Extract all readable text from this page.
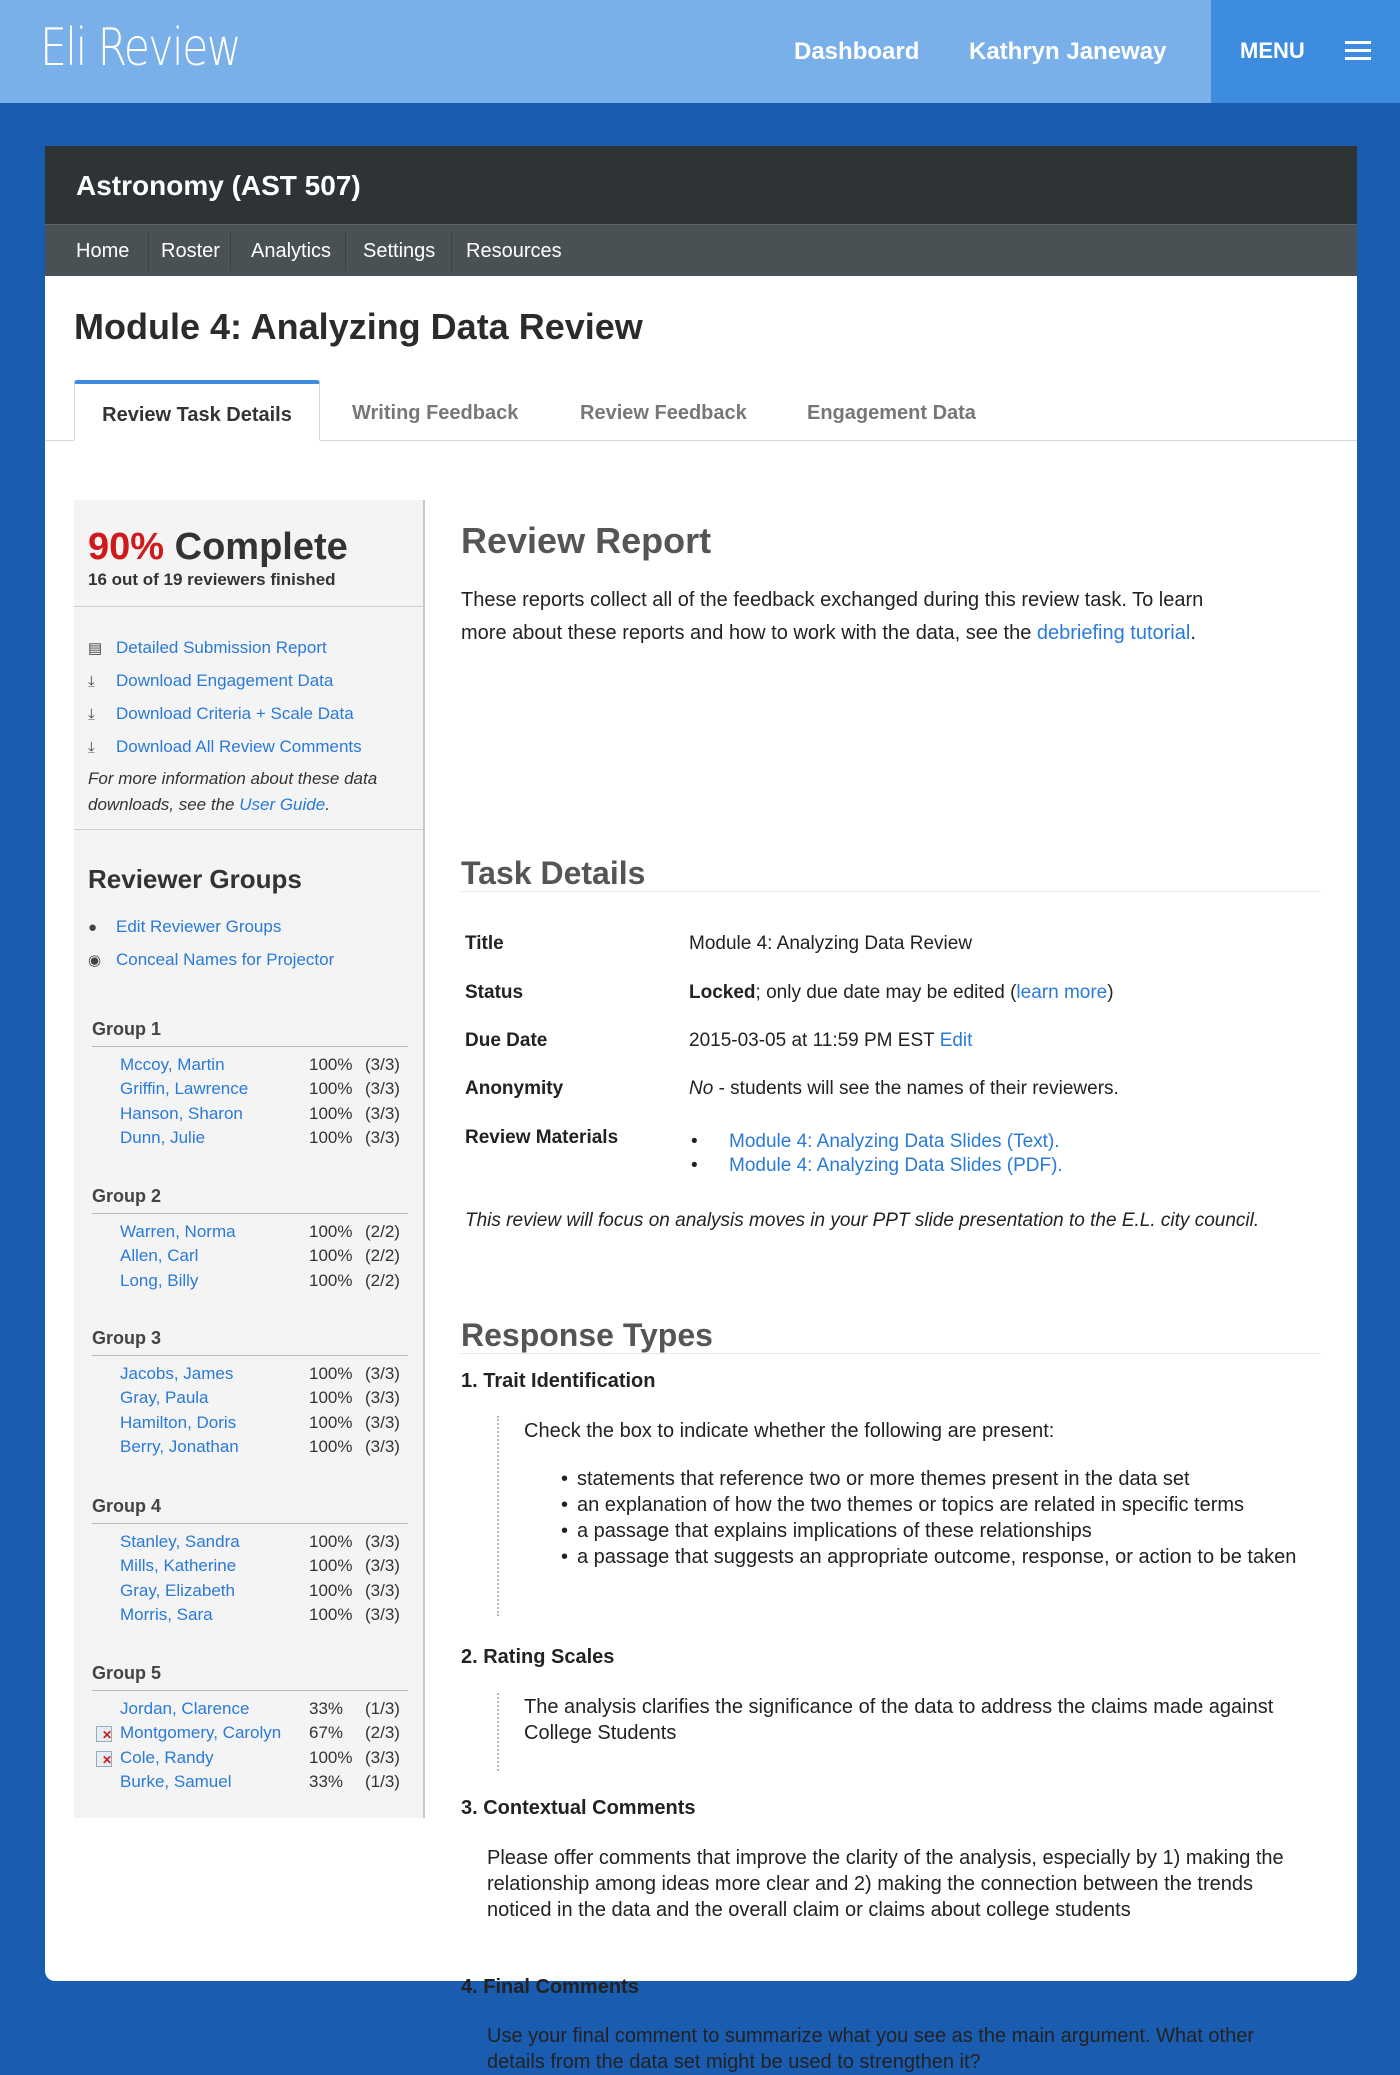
Eli Review	Dashboard Kathryn Janeway	MENU
Astronomy (AST 507)
Home Roster Analytics Settings Resources
Module 4: Analyzing Data Review
Review Task Details	Writing Feedback	Review Feedback	Engagement Data
90% Complete
16 out of 19 reviewers finished
▤ Detailed Submission Report
⤓ Download Engagement Data
⤓ Download Criteria + Scale Data
⤓ Download All Review Comments
For more information about these data downloads, see the User Guide.
Reviewer Groups
● Edit Reviewer Groups
◉ Conceal Names for Projector
Group 1
Mccoy, Martin	100% (3/3)
Griffin, Lawrence	100% (3/3)
Hanson, Sharon	100% (3/3)
Dunn, Julie	100% (3/3)
Group 2
Warren, Norma	100% (2/2)
Allen, Carl	100% (2/2)
Long, Billy	100% (2/2)
Group 3
Jacobs, James	100% (3/3)
Gray, Paula	100% (3/3)
Hamilton, Doris	100% (3/3)
Berry, Jonathan	100% (3/3)
Group 4
Stanley, Sandra	100% (3/3)
Mills, Katherine	100% (3/3)
Gray, Elizabeth	100% (3/3)
Morris, Sara	100% (3/3)
Group 5
Jordan, Clarence	33% (1/3)
✕
Montgomery, Carolyn 67% (2/3)
✕
Cole, Randy	100% (3/3)
Burke, Samuel	33% (1/3)
Review Report
These reports collect all of the feedback exchanged during this review task. To learn
more about these reports and how to work with the data, see the debriefing tutorial.
Task Details
Title	Module 4: Analyzing Data Review
Status	Locked; only due date may be edited (learn more)
Due Date	2015-03-05 at 11:59 PM EST Edit
Anonymity	No - students will see the names of their reviewers.
Review Materials
•	Module 4: Analyzing Data Slides (Text).
• Module 4: Analyzing Data Slides (PDF).
This review will focus on analysis moves in your PPT slide presentation to the E.L. city council.
Response Types
1. Trait Identification
Check the box to indicate whether the following are present:
• statements that reference two or more themes present in the data set
• an explanation of how the two themes or topics are related in specific terms
• a passage that explains implications of these relationships
• a passage that suggests an appropriate outcome, response, or action to be taken
2. Rating Scales
The analysis clarifies the significance of the data to address the claims made against College Students
3. Contextual Comments
Please offer comments that improve the clarity of the analysis, especially by 1) making the relationship among ideas more clear and 2) making the connection between the trends noticed in the data and the overall claim or claims about college students
4. Final Comments
Use your final comment to summarize what you see as the main argument. What other details from the data set might be used to strengthen it?
